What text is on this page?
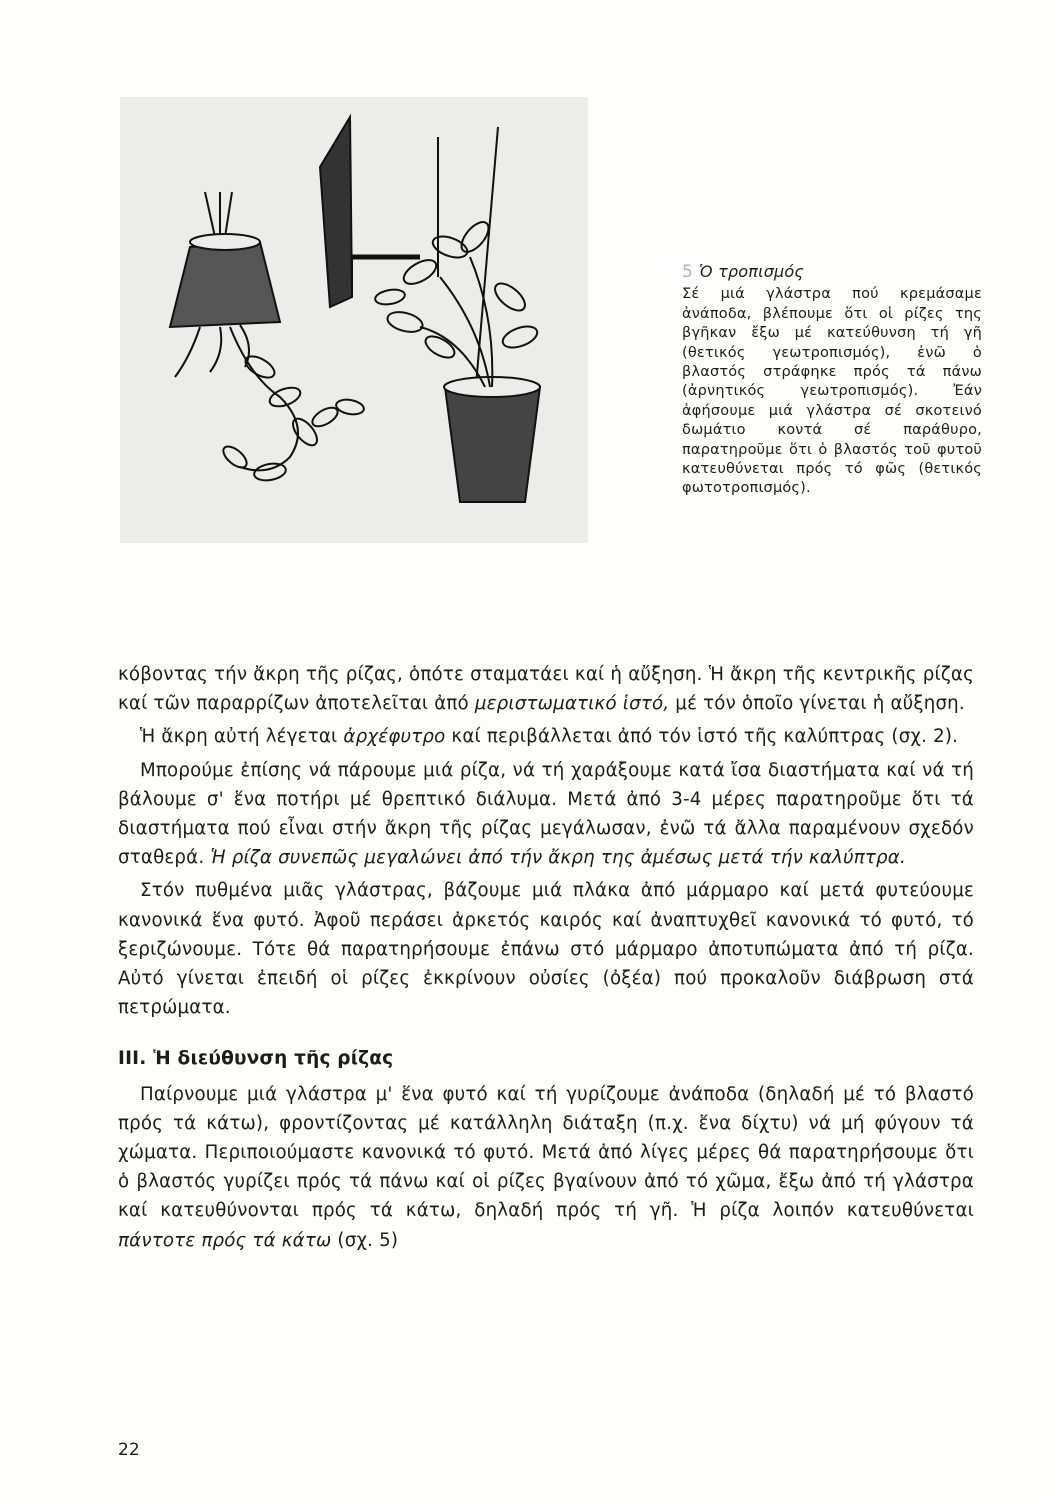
5 Ὁ τροπισμός

Σέ μιά γλάστρα πού κρεμάσαμε ἀνάποδα, βλέπουμε ὅτι οἱ ρίζες της βγῆκαν ἔξω μέ κατεύθυνση τή γῆ (θετικός γεωτροπισμός), ἐνῶ ὁ βλαστός στράφηκε πρός τά πάνω (ἀρνητικός γεωτροπισμός). Ἐάν ἀφήσουμε μιά γλάστρα σέ σκοτεινό δωμάτιο κοντά σέ παράθυρο, παρατηροῦμε ὅτι ὁ βλαστός τοῦ φυτοῦ κατευθύνεται πρός τό φῶς (θετικός φωτοτροπισμός).

κόβοντας τήν ἄκρη τῆς ρίζας, ὁπότε σταματάει καί ἡ αὔξηση. Ἡ ἄκρη τῆς κεντρικῆς ρίζας καί τῶν παραρρίζων ἀποτελεῖται ἀπό μεριστωματικό ἱστό, μέ τόν ὁποῖο γίνεται ἡ αὔξηση.

Ἡ ἄκρη αὐτή λέγεται ἀρχέφυτρο καί περιβάλλεται ἀπό τόν ἱστό τῆς καλύπτρας (σχ. 2).

Μπορούμε ἐπίσης νά πάρουμε μιά ρίζα, νά τή χαράξουμε κατά ἴσα διαστήματα καί νά τή βάλουμε σ' ἕνα ποτήρι μέ θρεπτικό διάλυμα. Μετά ἀπό 3-4 μέρες παρατηροῦμε ὅτι τά διαστήματα πού εἶναι στήν ἄκρη τῆς ρίζας μεγάλωσαν, ἐνῶ τά ἄλλα παραμένουν σχεδόν σταθερά. Ἡ ρίζα συνεπῶς μεγαλώνει ἀπό τήν ἄκρη της ἀμέσως μετά τήν καλύπτρα.

Στόν πυθμένα μιᾶς γλάστρας, βάζουμε μιά πλάκα ἀπό μάρμαρο καί μετά φυτεύουμε κανονικά ἕνα φυτό. Ἀφοῦ περάσει ἀρκετός καιρός καί ἀναπτυχθεῖ κανονικά τό φυτό, τό ξεριζώνουμε. Τότε θά παρατηρήσουμε ἐπάνω στό μάρμαρο ἀποτυπώματα ἀπό τή ρίζα. Αὐτό γίνεται ἐπειδή οἱ ρίζες ἐκκρίνουν οὐσίες (ὀξέα) πού προκαλοῦν διάβρωση στά πετρώματα.

III. Ἡ διεύθυνση τῆς ρίζας

Παίρνουμε μιά γλάστρα μ' ἕνα φυτό καί τή γυρίζουμε ἀνάποδα (δηλαδή μέ τό βλαστό πρός τά κάτω), φροντίζοντας μέ κατάλληλη διάταξη (π.χ. ἕνα δίχτυ) νά μή φύγουν τά χώματα. Περιποιούμαστε κανονικά τό φυτό. Μετά ἀπό λίγες μέρες θά παρατηρήσουμε ὅτι ὁ βλαστός γυρίζει πρός τά πάνω καί οἱ ρίζες βγαίνουν ἀπό τό χῶμα, ἔξω ἀπό τή γλάστρα καί κατευθύνονται πρός τά κάτω, δηλαδή πρός τή γῆ. Ἡ ρίζα λοιπόν κατευθύνεται πάντοτε πρός τά κάτω (σχ. 5)

22
